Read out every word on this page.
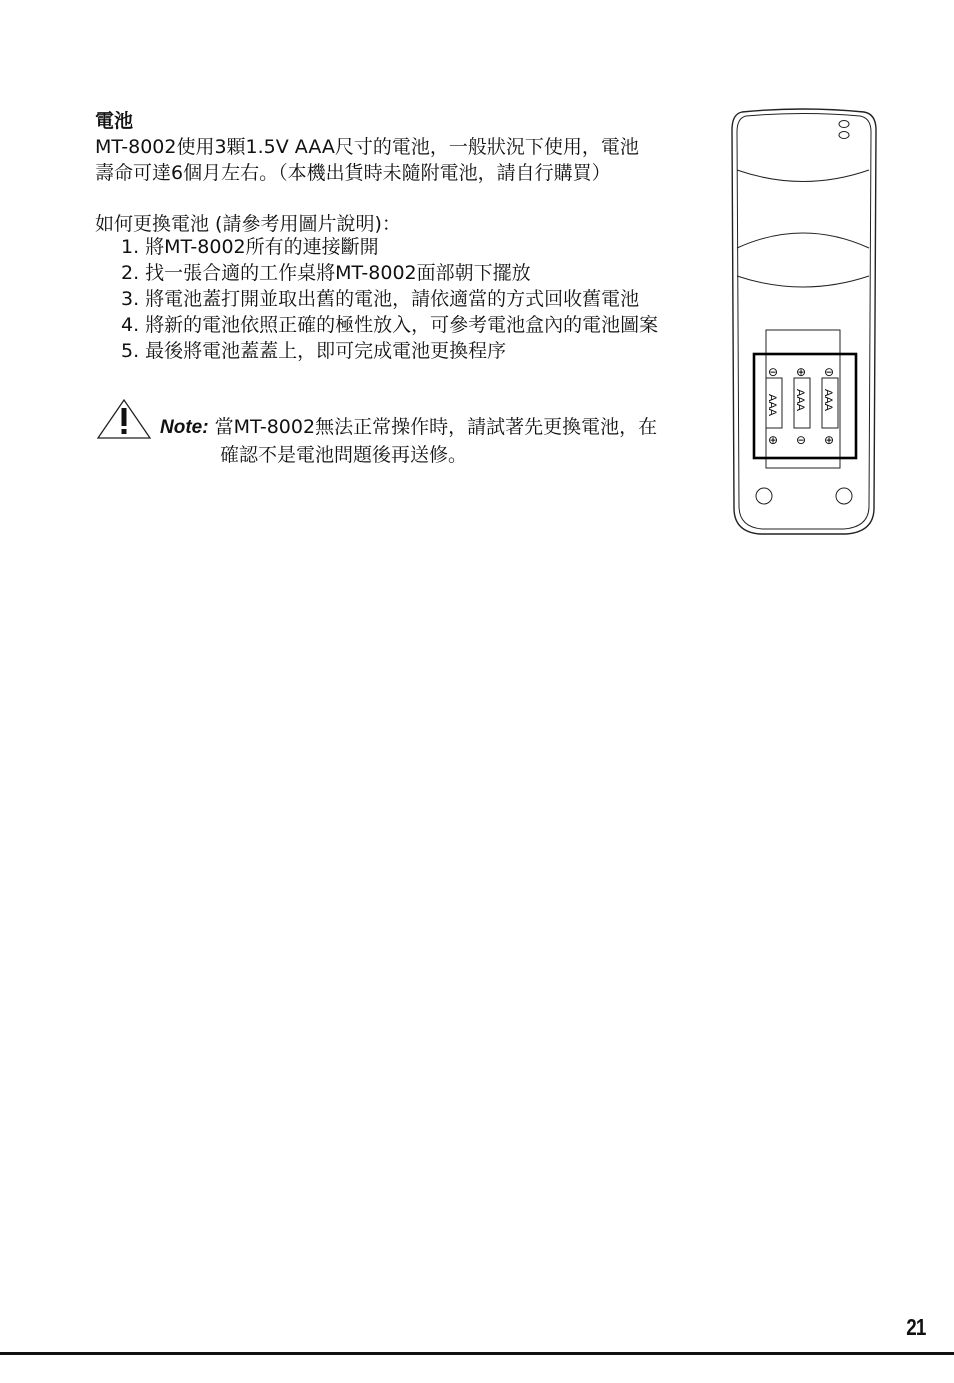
電池
MT-8002使用3顆1.5V AAA尺寸的電池，一般狀況下使用，電池
壽命可達6個月左右。（本機出貨時未隨附電池，請自行購買）
如何更換電池 (請參考用圖片說明)：
1. 將MT-8002所有的連接斷開
2. 找一張合適的工作桌將MT-8002面部朝下擺放
3. 將電池蓋打開並取出舊的電池，請依適當的方式回收舊電池
4. 將新的電池依照正確的極性放入，可參考電池盒內的電池圖案
5. 最後將電池蓋蓋上，即可完成電池更換程序
Note: 當MT-8002無法正常操作時，請試著先更換電池，在
確認不是電池問題後再送修。
AAA AAA AAA
⊖ ⊕ ⊖
⊕ ⊖ ⊕
21
